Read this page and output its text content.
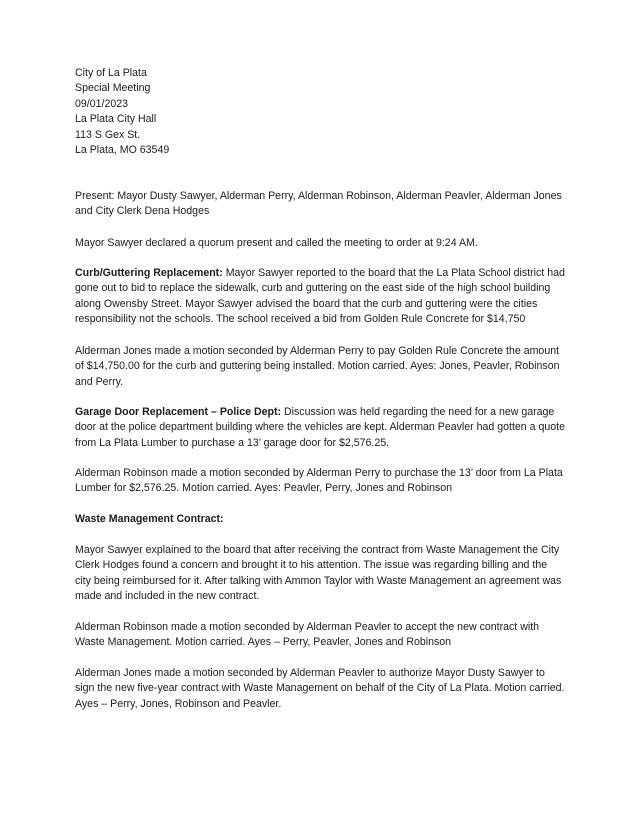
City of La Plata
Special Meeting
09/01/2023
La Plata City Hall
113 S Gex St.
La Plata, MO 63549

Present: Mayor Dusty Sawyer, Alderman Perry, Alderman Robinson, Alderman Peavler, Alderman Jones and City Clerk Dena Hodges

Mayor Sawyer declared a quorum present and called the meeting to order at 9:24 AM.

Curb/Guttering Replacement: Mayor Sawyer reported to the board that the La Plata School district had gone out to bid to replace the sidewalk, curb and guttering on the east side of the high school building along Owensby Street. Mayor Sawyer advised the board that the curb and guttering were the cities responsibility not the schools. The school received a bid from Golden Rule Concrete for $14,750

Alderman Jones made a motion seconded by Alderman Perry to pay Golden Rule Concrete the amount of $14,750.00 for the curb and guttering being installed. Motion carried. Ayes: Jones, Peavler, Robinson and Perry.

Garage Door Replacement – Police Dept: Discussion was held regarding the need for a new garage door at the police department building where the vehicles are kept. Alderman Peavler had gotten a quote from La Plata Lumber to purchase a 13’ garage door for $2,576.25.

Alderman Robinson made a motion seconded by Alderman Perry to purchase the 13’ door from La Plata Lumber for $2,576.25. Motion carried. Ayes: Peavler, Perry, Jones and Robinson

Waste Management Contract:

Mayor Sawyer explained to the board that after receiving the contract from Waste Management the City Clerk Hodges found a concern and brought it to his attention. The issue was regarding billing and the city being reimbursed for it. After talking with Ammon Taylor with Waste Management an agreement was made and included in the new contract.

Alderman Robinson made a motion seconded by Alderman Peavler to accept the new contract with Waste Management. Motion carried. Ayes – Perry, Peavler, Jones and Robinson

Alderman Jones made a motion seconded by Alderman Peavler to authorize Mayor Dusty Sawyer to sign the new five-year contract with Waste Management on behalf of the City of La Plata. Motion carried. Ayes – Perry, Jones, Robinson and Peavler.
